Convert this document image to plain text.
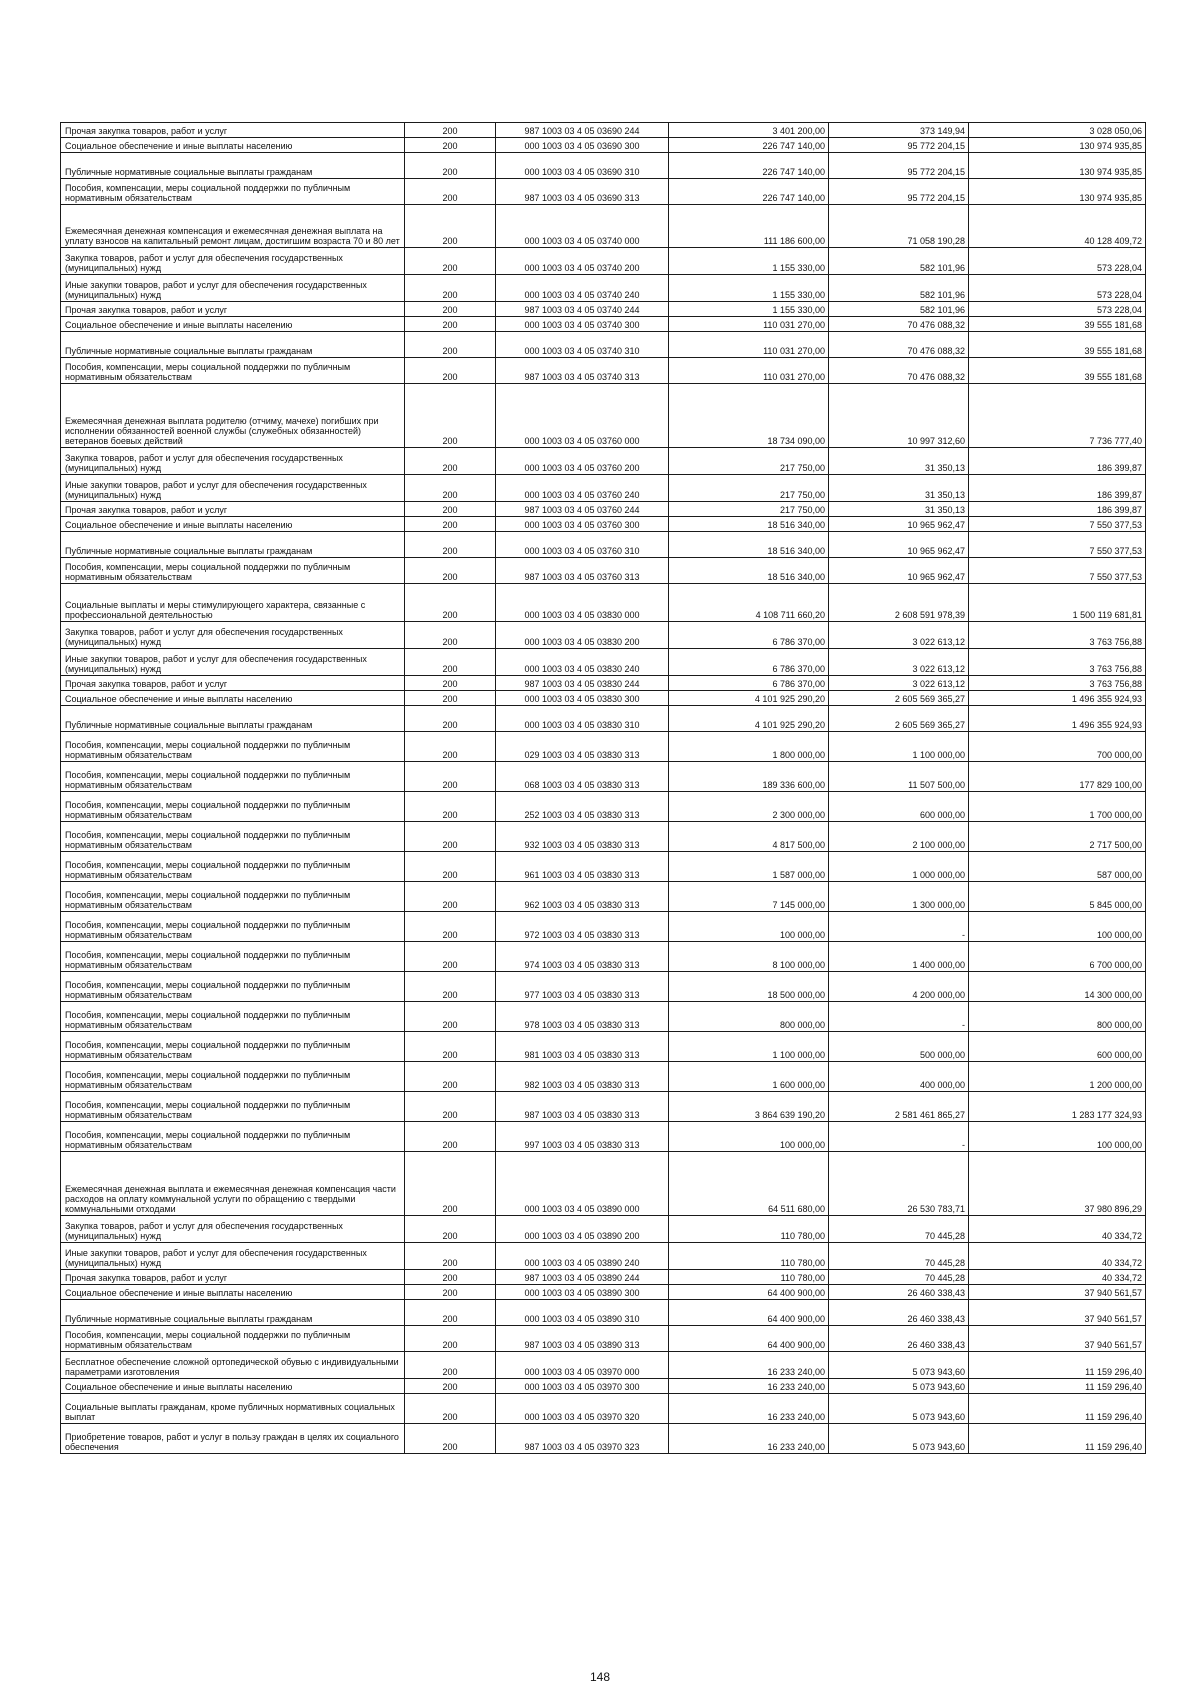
Прочая закупка товаров, работ и услуг	200	987 1003 03 4 05 03690 244	3 401 200,00	373 149,94	3 028 050,06
Социальное обеспечение и иные выплаты населению	200	000 1003 03 4 05 03690 300	226 747 140,00	95 772 204,15	130 974 935,85
Публичные нормативные социальные выплаты гражданам	200	000 1003 03 4 05 03690 310	226 747 140,00	95 772 204,15	130 974 935,85
Пособия, компенсации, меры социальной поддержки по публичным нормативным обязательствам	200	987 1003 03 4 05 03690 313	226 747 140,00	95 772 204,15	130 974 935,85
Ежемесячная денежная компенсация и ежемесячная денежная выплата на уплату взносов на капитальный ремонт лицам, достигшим возраста 70 и 80 лет	200	000 1003 03 4 05 03740 000	111 186 600,00	71 058 190,28	40 128 409,72
Закупка товаров, работ и услуг для обеспечения государственных (муниципальных) нужд	200	000 1003 03 4 05 03740 200	1 155 330,00	582 101,96	573 228,04
Иные закупки товаров, работ и услуг для обеспечения государственных (муниципальных) нужд	200	000 1003 03 4 05 03740 240	1 155 330,00	582 101,96	573 228,04
Прочая закупка товаров, работ и услуг	200	987 1003 03 4 05 03740 244	1 155 330,00	582 101,96	573 228,04
Социальное обеспечение и иные выплаты населению	200	000 1003 03 4 05 03740 300	110 031 270,00	70 476 088,32	39 555 181,68
Публичные нормативные социальные выплаты гражданам	200	000 1003 03 4 05 03740 310	110 031 270,00	70 476 088,32	39 555 181,68
Пособия, компенсации, меры социальной поддержки по публичным нормативным обязательствам	200	987 1003 03 4 05 03740 313	110 031 270,00	70 476 088,32	39 555 181,68
Ежемесячная денежная выплата родителю (отчиму, мачехе) погибших при исполнении обязанностей военной службы (служебных обязанностей) ветеранов боевых действий	200	000 1003 03 4 05 03760 000	18 734 090,00	10 997 312,60	7 736 777,40
Закупка товаров, работ и услуг для обеспечения государственных (муниципальных) нужд	200	000 1003 03 4 05 03760 200	217 750,00	31 350,13	186 399,87
Иные закупки товаров, работ и услуг для обеспечения государственных (муниципальных) нужд	200	000 1003 03 4 05 03760 240	217 750,00	31 350,13	186 399,87
Прочая закупка товаров, работ и услуг	200	987 1003 03 4 05 03760 244	217 750,00	31 350,13	186 399,87
Социальное обеспечение и иные выплаты населению	200	000 1003 03 4 05 03760 300	18 516 340,00	10 965 962,47	7 550 377,53
Публичные нормативные социальные выплаты гражданам	200	000 1003 03 4 05 03760 310	18 516 340,00	10 965 962,47	7 550 377,53
Пособия, компенсации, меры социальной поддержки по публичным нормативным обязательствам	200	987 1003 03 4 05 03760 313	18 516 340,00	10 965 962,47	7 550 377,53
Социальные выплаты и меры стимулирующего характера, связанные с профессиональной деятельностью	200	000 1003 03 4 05 03830 000	4 108 711 660,20	2 608 591 978,39	1 500 119 681,81
Закупка товаров, работ и услуг для обеспечения государственных (муниципальных) нужд	200	000 1003 03 4 05 03830 200	6 786 370,00	3 022 613,12	3 763 756,88
Иные закупки товаров, работ и услуг для обеспечения государственных (муниципальных) нужд	200	000 1003 03 4 05 03830 240	6 786 370,00	3 022 613,12	3 763 756,88
Прочая закупка товаров, работ и услуг	200	987 1003 03 4 05 03830 244	6 786 370,00	3 022 613,12	3 763 756,88
Социальное обеспечение и иные выплаты населению	200	000 1003 03 4 05 03830 300	4 101 925 290,20	2 605 569 365,27	1 496 355 924,93
Публичные нормативные социальные выплаты гражданам	200	000 1003 03 4 05 03830 310	4 101 925 290,20	2 605 569 365,27	1 496 355 924,93
Пособия, компенсации, меры социальной поддержки по публичным нормативным обязательствам	200	029 1003 03 4 05 03830 313	1 800 000,00	1 100 000,00	700 000,00
Пособия, компенсации, меры социальной поддержки по публичным нормативным обязательствам	200	068 1003 03 4 05 03830 313	189 336 600,00	11 507 500,00	177 829 100,00
Пособия, компенсации, меры социальной поддержки по публичным нормативным обязательствам	200	252 1003 03 4 05 03830 313	2 300 000,00	600 000,00	1 700 000,00
Пособия, компенсации, меры социальной поддержки по публичным нормативным обязательствам	200	932 1003 03 4 05 03830 313	4 817 500,00	2 100 000,00	2 717 500,00
Пособия, компенсации, меры социальной поддержки по публичным нормативным обязательствам	200	961 1003 03 4 05 03830 313	1 587 000,00	1 000 000,00	587 000,00
Пособия, компенсации, меры социальной поддержки по публичным нормативным обязательствам	200	962 1003 03 4 05 03830 313	7 145 000,00	1 300 000,00	5 845 000,00
Пособия, компенсации, меры социальной поддержки по публичным нормативным обязательствам	200	972 1003 03 4 05 03830 313	100 000,00	-	100 000,00
Пособия, компенсации, меры социальной поддержки по публичным нормативным обязательствам	200	974 1003 03 4 05 03830 313	8 100 000,00	1 400 000,00	6 700 000,00
Пособия, компенсации, меры социальной поддержки по публичным нормативным обязательствам	200	977 1003 03 4 05 03830 313	18 500 000,00	4 200 000,00	14 300 000,00
Пособия, компенсации, меры социальной поддержки по публичным нормативным обязательствам	200	978 1003 03 4 05 03830 313	800 000,00	-	800 000,00
Пособия, компенсации, меры социальной поддержки по публичным нормативным обязательствам	200	981 1003 03 4 05 03830 313	1 100 000,00	500 000,00	600 000,00
Пособия, компенсации, меры социальной поддержки по публичным нормативным обязательствам	200	982 1003 03 4 05 03830 313	1 600 000,00	400 000,00	1 200 000,00
Пособия, компенсации, меры социальной поддержки по публичным нормативным обязательствам	200	987 1003 03 4 05 03830 313	3 864 639 190,20	2 581 461 865,27	1 283 177 324,93
Пособия, компенсации, меры социальной поддержки по публичным нормативным обязательствам	200	997 1003 03 4 05 03830 313	100 000,00	-	100 000,00
Ежемесячная денежная выплата и ежемесячная денежная компенсация части расходов на оплату коммунальной услуги по обращению с твердыми коммунальными отходами	200	000 1003 03 4 05 03890 000	64 511 680,00	26 530 783,71	37 980 896,29
Закупка товаров, работ и услуг для обеспечения государственных (муниципальных) нужд	200	000 1003 03 4 05 03890 200	110 780,00	70 445,28	40 334,72
Иные закупки товаров, работ и услуг для обеспечения государственных (муниципальных) нужд	200	000 1003 03 4 05 03890 240	110 780,00	70 445,28	40 334,72
Прочая закупка товаров, работ и услуг	200	987 1003 03 4 05 03890 244	110 780,00	70 445,28	40 334,72
Социальное обеспечение и иные выплаты населению	200	000 1003 03 4 05 03890 300	64 400 900,00	26 460 338,43	37 940 561,57
Публичные нормативные социальные выплаты гражданам	200	000 1003 03 4 05 03890 310	64 400 900,00	26 460 338,43	37 940 561,57
Пособия, компенсации, меры социальной поддержки по публичным нормативным обязательствам	200	987 1003 03 4 05 03890 313	64 400 900,00	26 460 338,43	37 940 561,57
Бесплатное обеспечение сложной ортопедической обувью с индивидуальными параметрами изготовления	200	000 1003 03 4 05 03970 000	16 233 240,00	5 073 943,60	11 159 296,40
Социальное обеспечение и иные выплаты населению	200	000 1003 03 4 05 03970 300	16 233 240,00	5 073 943,60	11 159 296,40
Социальные выплаты гражданам, кроме публичных нормативных социальных выплат	200	000 1003 03 4 05 03970 320	16 233 240,00	5 073 943,60	11 159 296,40
Приобретение товаров, работ и услуг в пользу граждан в целях их социального обеспечения	200	987 1003 03 4 05 03970 323	16 233 240,00	5 073 943,60	11 159 296,40
148
